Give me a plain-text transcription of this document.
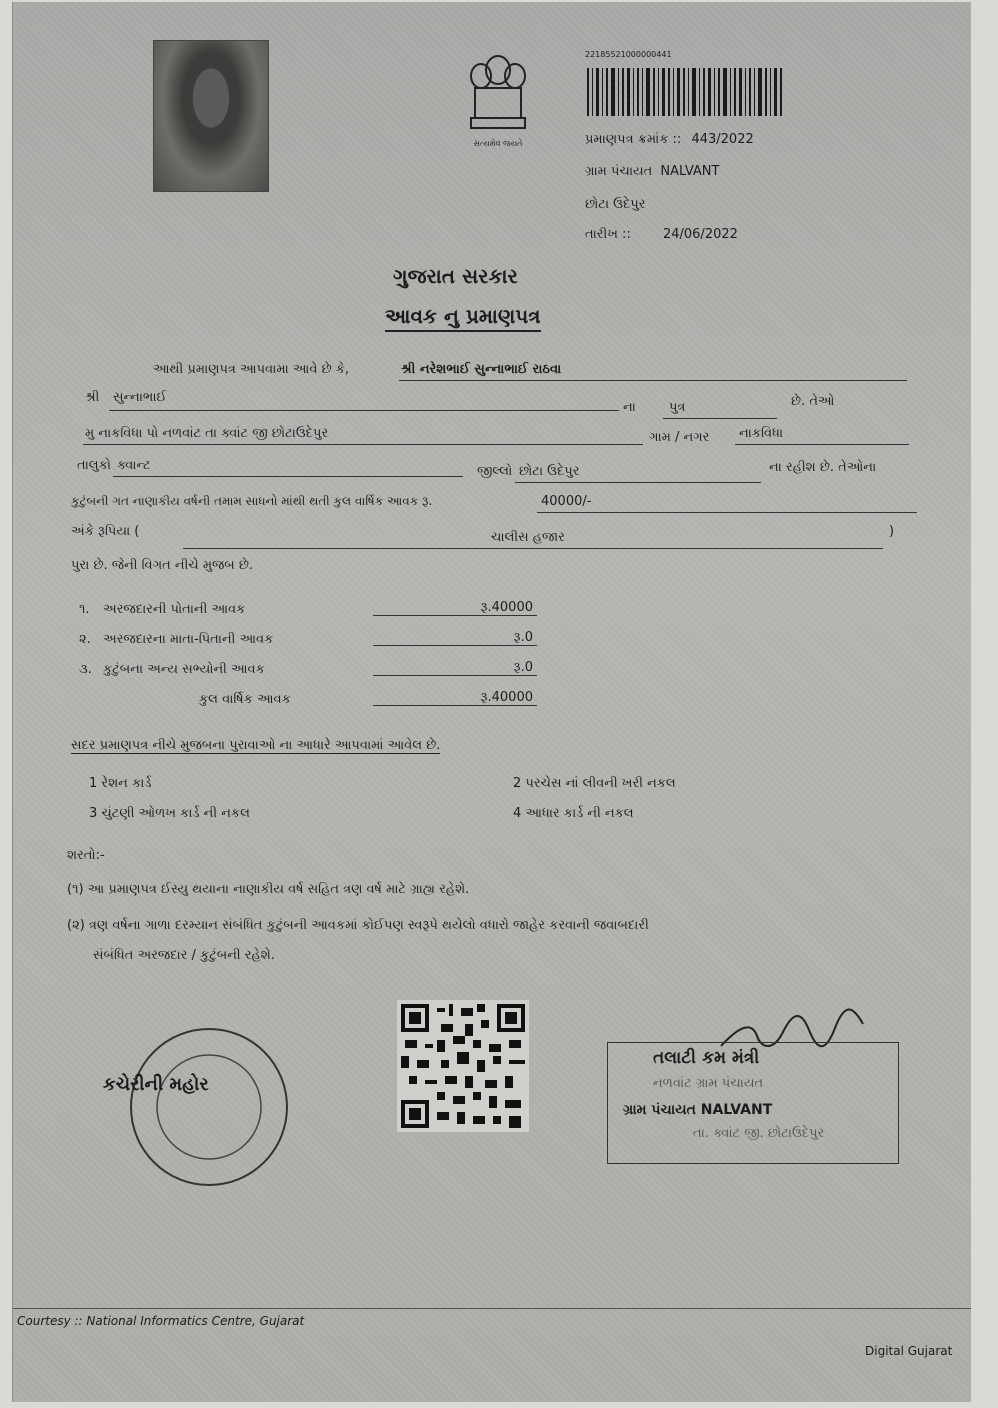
સત્યમેવ જયતે
22185521000000441
પ્રમાણપત્ર ક્રમાંક :: 443/2022
ગ્રામ પંચાયત NALVANT
છોટા ઉદેપુર
તારીખ :: 24/06/2022
ગુજરાત સરકાર
આવક નુ પ્રમાણપત્ર
આથી પ્રમાણપત્ર આપવામા આવે છે કે,	શ્રી નરેશભાઈ સુન્નાભાઈ રાઠવા
શ્રી સુન્નાભાઈ
ના	પુત્ર	છે. તેઓ
મુ નાકવિધા પો નળવાંટ તા ક્વાંટ જી છોટાઉદેપુર	ગામ / નગર નાકવિધા
તાલુકો ક્વાન્ટ	જીલ્લો છોટા ઉદેપુર	ના રહીશ છે. તેઓના
કુટુંબની ગત નાણાકીય વર્ષની તમામ સાધનો માંથી થતી કુલ વાર્ષિક આવક રૂ.	40000/-
અંકે રૂપિયા (	ચાલીસ હજાર	)
પુરા છે. જેની વિગત નીચે મુજબ છે.
૧. અરજદારની પોતાની આવક	રૂ.40000
૨. અરજદારના માતા-પિતાની આવક	રૂ.0
૩. કુટુંબના અન્ય સભ્યોની આવક	રૂ.0
કુલ વાર્ષિક આવક	રૂ.40000
સદર પ્રમાણપત્ર નીચે મુજબના પુરાવાઓ ના આધારે આપવામાં આવેલ છે.
1 રેશન કાર્ડ	2 પરચેસ નાં લીવની ખરી નકલ
3 ચુંટણી ઓળખ કાર્ડ ની નકલ	4 આધાર કાર્ડ ની નકલ
શરતો:-
(૧) આ પ્રમાણપત્ર ઈસ્યુ થયાના નાણાકીય વર્ષ સહિત ત્રણ વર્ષ માટે ગ્રાહ્ય રહેશે.
(૨) ત્રણ વર્ષના ગાળા દરમ્યાન સંબંધિત કુટુંબની આવકમાં કોઈપણ સ્વરૂપે થયેલો વધારો જાહેર કરવાની જવાબદારી
સંબંધિત અરજદાર / કુટુંબની રહેશે.
કચેરીની મહોર
તલાટી કમ મંત્રી
નળવાંટ ગ્રામ પંચાયત
ગ્રામ પંચાયત NALVANT
તા. ક્વાંટ જી. છોટાઉદેપુર
Courtesy :: National Informatics Centre, Gujarat
Digital Gujarat
